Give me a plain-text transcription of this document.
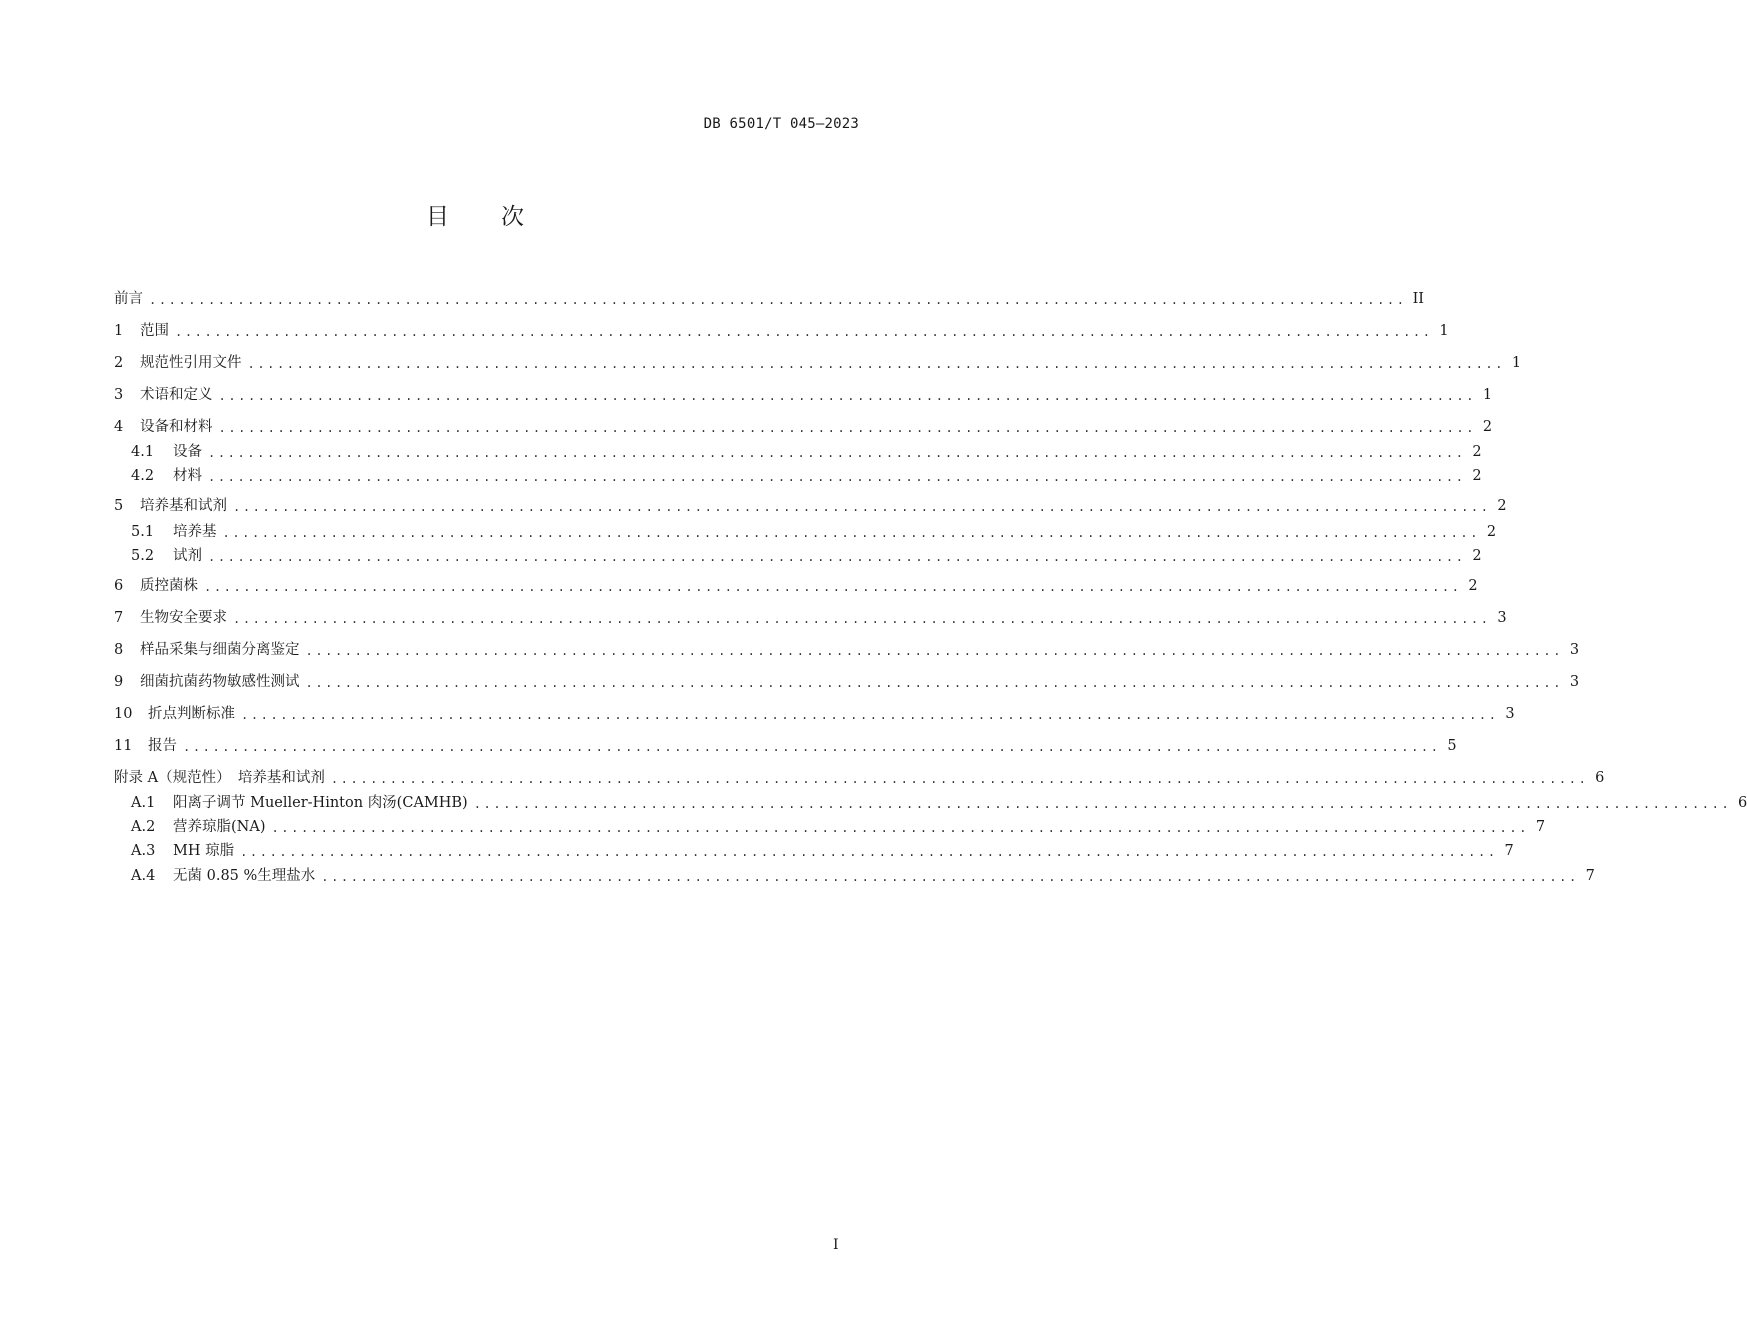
DB 6501/T 045—2023
目 次
前言 ................................................................................................................................ II
1	范围 ................................................................................................................................ 1
2	规范性引用文件 ................................................................................................................................ 1
3	术语和定义 ................................................................................................................................ 1
4	设备和材料 ................................................................................................................................ 2
4.1	设备 ................................................................................................................................ 2
4.2	材料 ................................................................................................................................ 2
5	培养基和试剂 ................................................................................................................................ 2
5.1	培养基 ................................................................................................................................ 2
5.2	试剂 ................................................................................................................................ 2
6	质控菌株 ................................................................................................................................ 2
7	生物安全要求 ................................................................................................................................ 3
8	样品采集与细菌分离鉴定 ................................................................................................................................ 3
9	细菌抗菌药物敏感性测试 ................................................................................................................................ 3
10	折点判断标准 ................................................................................................................................ 3
11	报告 ................................................................................................................................ 5
附录 A（规范性）　培养基和试剂 ................................................................................................................................ 6
A.1	阳离子调节 Mueller-Hinton 肉汤(CAMHB) ................................................................................................................................ 6
A.2	营养琼脂(NA) ................................................................................................................................ 7
A.3	MH 琼脂 ................................................................................................................................ 7
A.4	无菌 0.85 %生理盐水 ................................................................................................................................ 7
I
